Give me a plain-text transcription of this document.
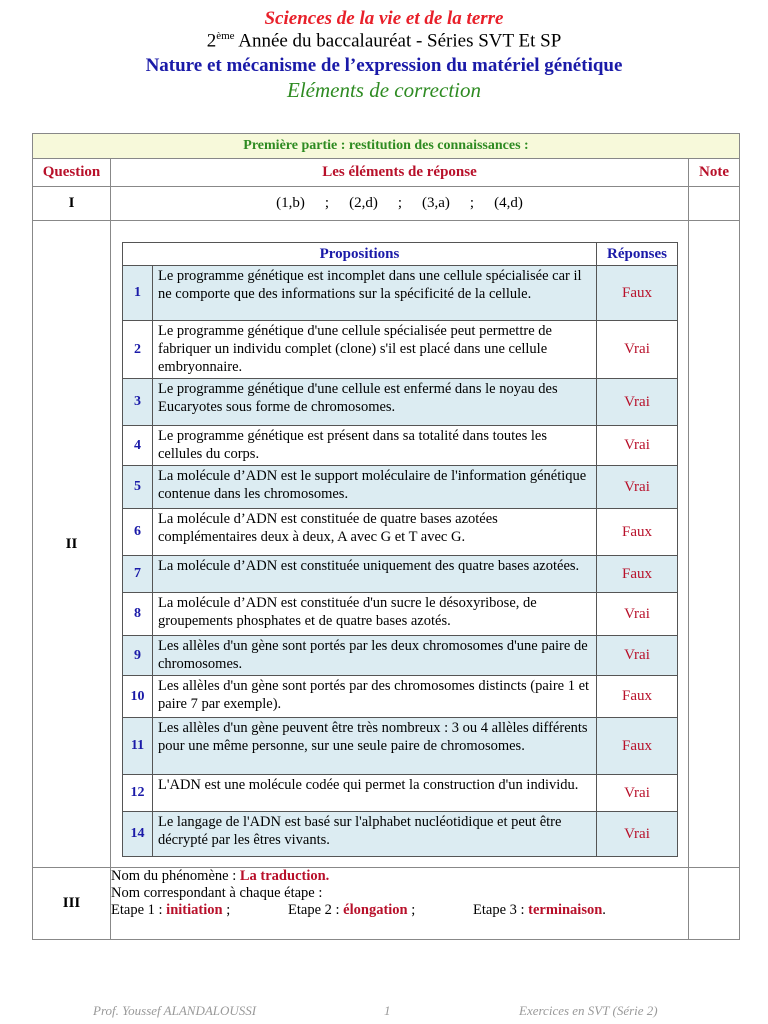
Sciences de la vie et de la terre
2ème Année du baccalauréat - Séries SVT Et SP
Nature et mécanisme de l’expression du matériel génétique
Eléments de correction
Première partie : restitution des connaissances :
Question	Les éléments de réponse	Note
I	(1,b) ; (2,d) ; (3,a) ; (4,d)	
II	
Propositions	Réponses
1	Le programme génétique est incomplet dans une cellule spécialisée car il ne comporte que des informations sur la spécificité de la cellule.	Faux
2	Le programme génétique d'une cellule spécialisée peut permettre de fabriquer un individu complet (clone) s'il est placé dans une cellule embryonnaire.	Vrai
3	Le programme génétique d'une cellule est enfermé dans le noyau des Eucaryotes sous forme de chromosomes.	Vrai
4	Le programme génétique est présent dans sa totalité dans toutes les cellules du corps.	Vrai
5	La molécule d’ADN est le support moléculaire de l'information génétique contenue dans les chromosomes.	Vrai
6	La molécule d’ADN est constituée de quatre bases azotées complémentaires deux à deux, A avec G et T avec G.	Faux
7	La molécule d’ADN est constituée uniquement des quatre bases azotées.	Faux
8	La molécule d’ADN est constituée d'un sucre le désoxyribose, de groupements phosphates et de quatre bases azotés.	Vrai
9	Les allèles d'un gène sont portés par les deux chromosomes d'une paire de chromosomes.	Vrai
10	Les allèles d'un gène sont portés par des chromosomes distincts (paire 1 et paire 7 par exemple).	Faux
11	Les allèles d'un gène peuvent être très nombreux : 3 ou 4 allèles différents pour une même personne, sur une seule paire de chromosomes.	Faux
12	L'ADN est une molécule codée qui permet la construction d'un individu.	Vrai
14	Le langage de l'ADN est basé sur l'alphabet nucléotidique et peut être décrypté par les êtres vivants.	Vrai

III	
Nom du phénomène : La traduction.
Nom correspondant à chaque étape :
Etape 1 : initiation ;	Etape 2 : élongation ;	Etape 3 : terminaison.

Prof. Youssef ALANDALOUSSI	1	Exercices en SVT (Série 2)
